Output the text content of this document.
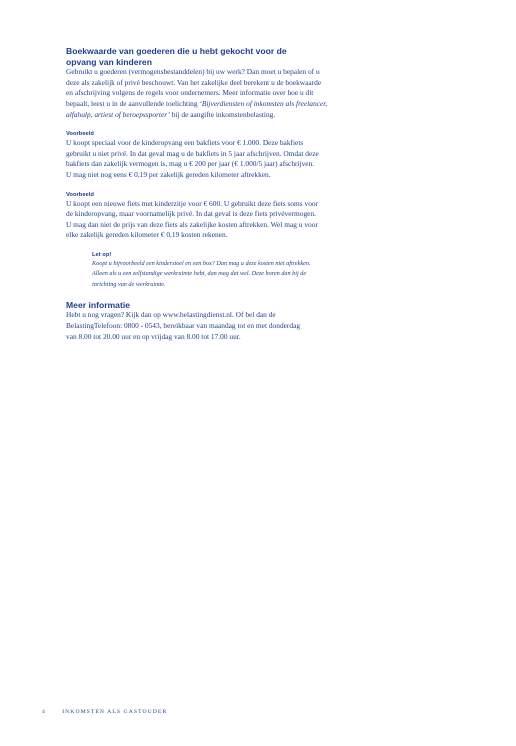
Boekwaarde van goederen die u hebt gekocht voor de
opvang van kinderen

Gebruikt u goederen (vermogensbestanddelen) bij uw werk? Dan moet u bepalen of u
deze als zakelijk of privé beschouwt. Van het zakelijke deel berekent u de boekwaarde
en afschrijving volgens de regels voor ondernemers. Meer informatie over hoe u dit
bepaalt, leest u in de aanvullende toelichting ‘Bijverdiensten of inkomsten als freelancer,
alfahulp, artiest of beroepssporter’ bij de aangifte inkomstenbelasting.

Voorbeeld

U koopt speciaal voor de kinderopvang een bakfiets voor € 1.000. Deze bakfiets
gebruikt u niet privé. In dat geval mag u de bakfiets in 5 jaar afschrijven. Omdat deze
bakfiets dan zakelijk vermogen is, mag u € 200 per jaar (€ 1.000/5 jaar) afschrijven.
U mag niet nog eens € 0,19 per zakelijk gereden kilometer aftrekken.

Voorbeeld

U koopt een nieuwe fiets met kinderzitje voor € 600. U gebruikt deze fiets soms voor
de kinderopvang, maar voornamelijk privé. In dat geval is deze fiets privévermogen.
U mag dan niet de prijs van deze fiets als zakelijke kosten aftrekken. Wel mag u voor
elke zakelijk gereden kilometer € 0,19 kosten rekenen.

Let op!

Koopt u bijvoorbeeld een kinderstoel en een box? Dan mag u deze kosten niet aftrekken.
Alleen als u een zelfstandige werkruimte hebt, dan mag dat wel. Deze horen dan bij de
inrichting van de werkruimte.

Meer informatie

Hebt u nog vragen? Kijk dan op www.belastingdienst.nl. Of bel dan de
BelastingTelefoon: 0800 - 0543, bereikbaar van maandag tot en met donderdag
van 8.00 tot 20.00 uur en op vrijdag van 8.00 tot 17.00 uur.

4	INKOMSTEN ALS GASTOUDER
